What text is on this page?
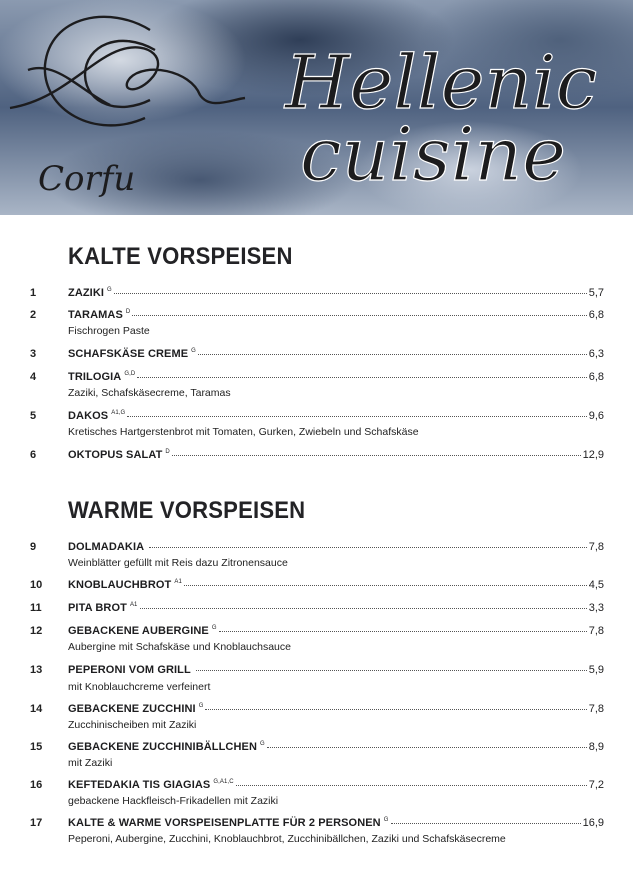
Corfu
Hellenic
cuisine
KALTE VORSPEISEN
1	ZAZIKI $^G$	5,7
2	TARAMAS $^D$	6,8
Fischrogen Paste
3	SCHAFSKÄSE CREME $^G$	6,3
4	TRILOGIA $^{G,D}$	6,8
Zaziki, Schafskäsecreme, Taramas
5	DAKOS $^{A1,G}$	9,6
Kretisches Hartgerstenbrot mit Tomaten, Gurken, Zwiebeln und Schafskäse
6	OKTOPUS SALAT $^D$	12,9
WARME VORSPEISEN
9	DOLMADAKIA	7,8
Weinblätter gefüllt mit Reis dazu Zitronensauce
10 KNOBLAUCHBROT $^{A1}$	4,5
11 PITA BROT $^{A1}$	3,3
12 GEBACKENE AUBERGINE $^G$	7,8
Aubergine mit Schafskäse und Knoblauchsauce
13 PEPERONI VOM GRILL	5,9
mit Knoblauchcreme verfeinert
14 GEBACKENE ZUCCHINI $^G$	7,8
Zucchinischeiben mit Zaziki
15 GEBACKENE ZUCCHINIBÄLLCHEN $^G$	8,9
mit Zaziki
16 KEFTEDAKIA TIS GIAGIAS $^{G,A1,C}$	7,2
gebackene Hackfleisch-Frikadellen mit Zaziki
17 KALTE & WARME VORSPEISENPLATTE FÜR 2 PERSONEN $^G$	16,9
Peperoni, Aubergine, Zucchini, Knoblauchbrot, Zucchinibällchen, Zaziki und Schafskäsecreme
